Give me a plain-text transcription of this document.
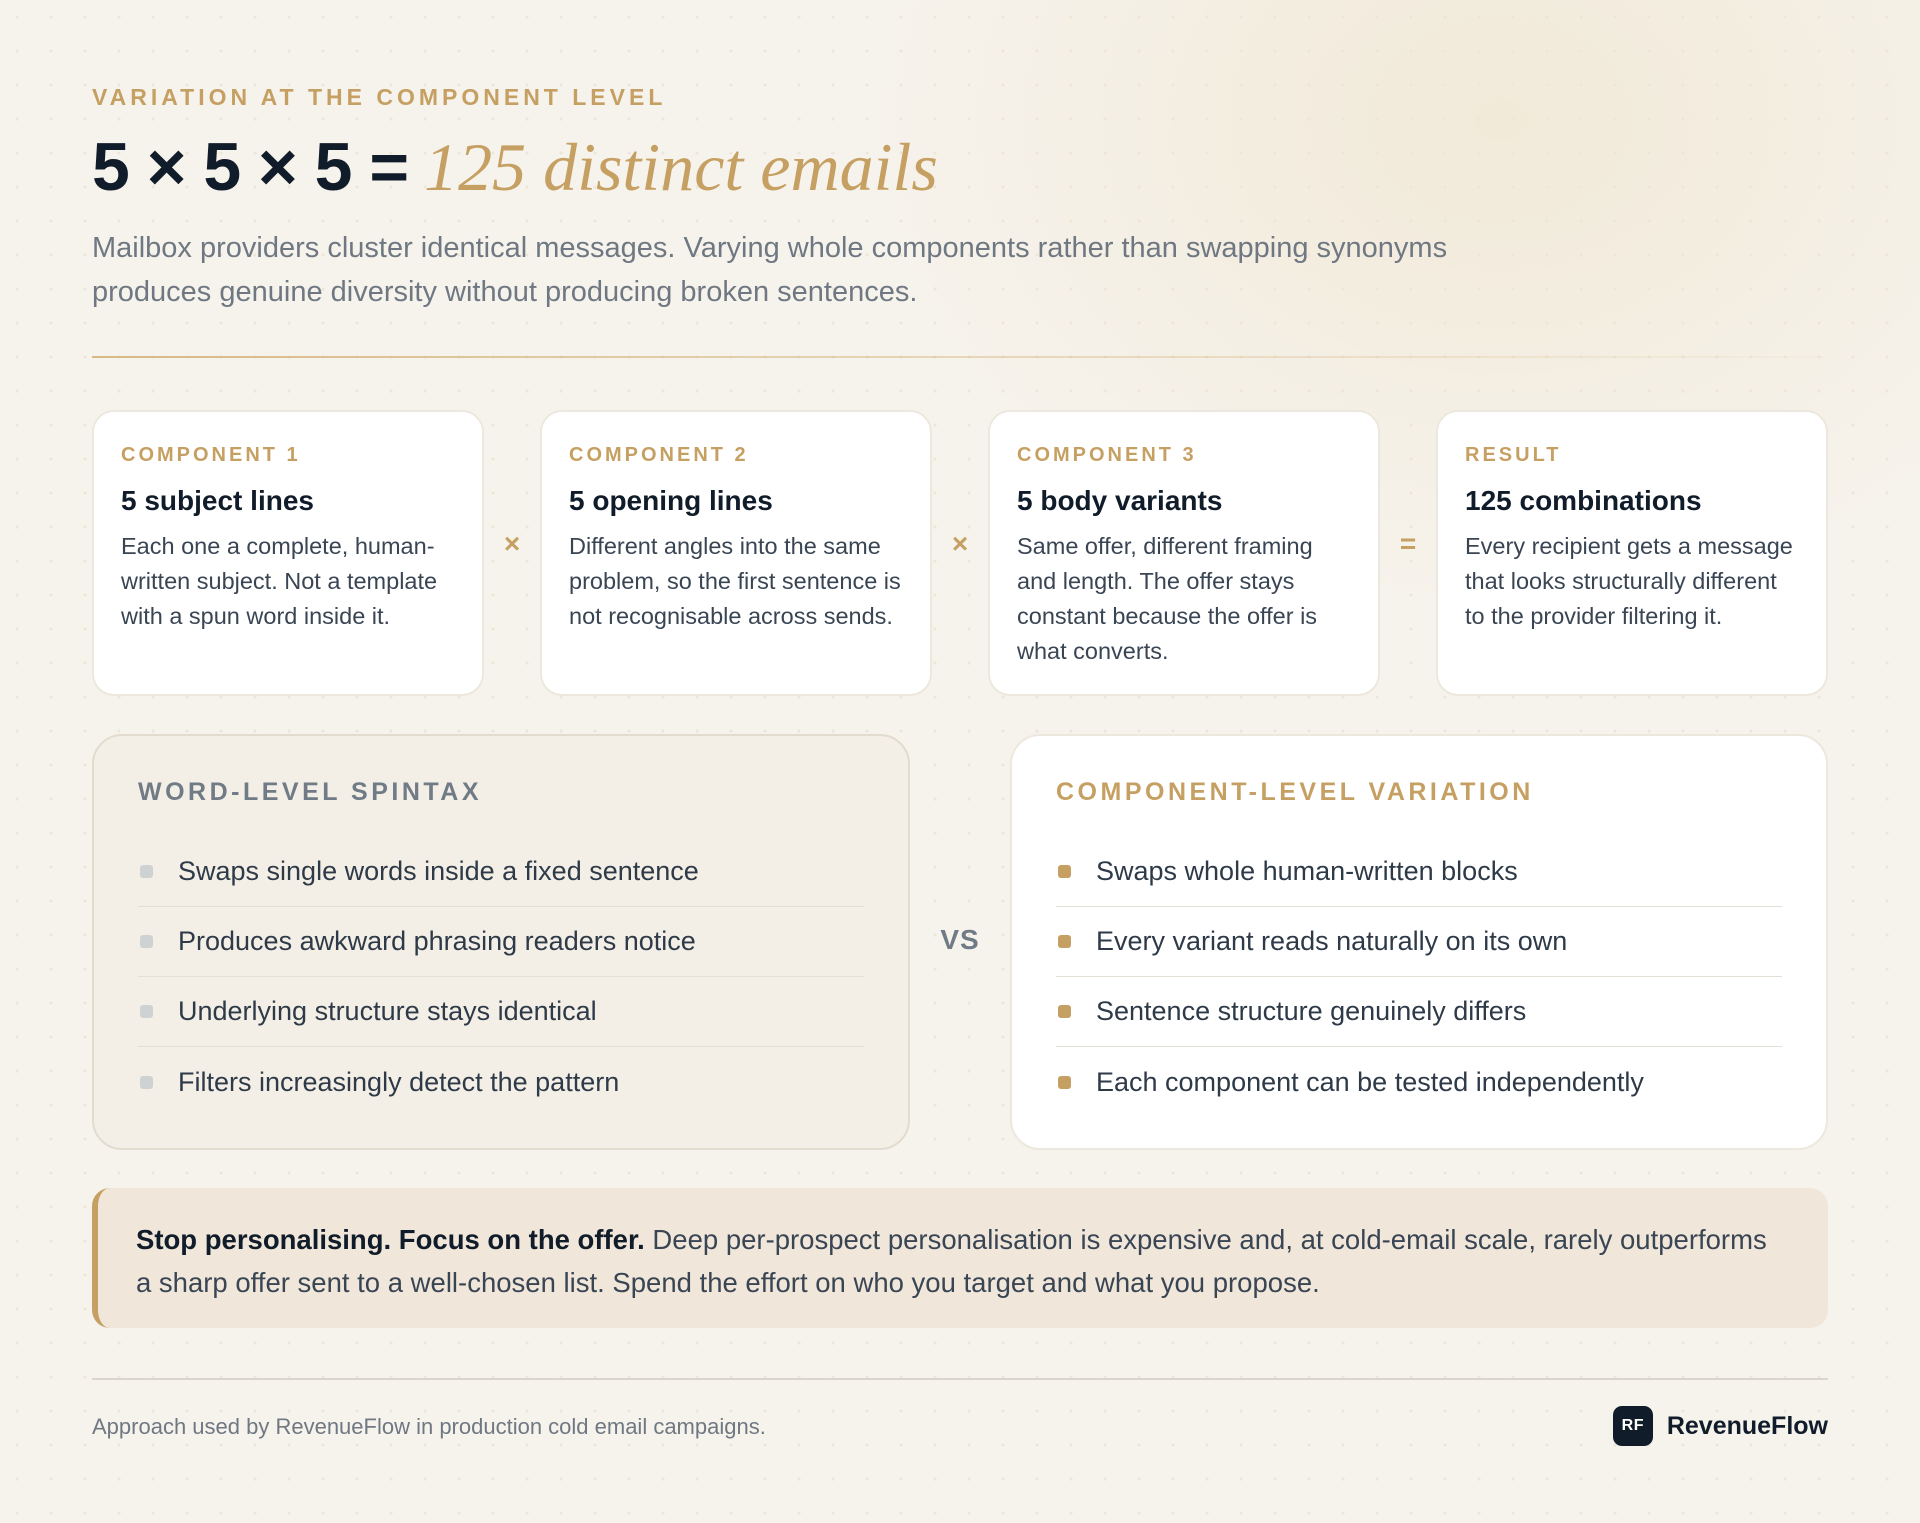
VARIATION AT THE COMPONENT LEVEL
5 × 5 × 5 = 125 distinct emails

Mailbox providers cluster identical messages. Varying whole components rather than swapping synonyms produces genuine diversity without producing broken sentences.

COMPONENT 1
5 subject lines
Each one a complete, human-written subject. Not a template with a spun word inside it.
×
COMPONENT 2
5 opening lines
Different angles into the same problem, so the first sentence is not recognisable across sends.
×
COMPONENT 3
5 body variants
Same offer, different framing and length. The offer stays constant because the offer is what converts.
=
RESULT
125 combinations
Every recipient gets a message that looks structurally different to the provider filtering it.
WORD-LEVEL SPINTAX
Swaps single words inside a fixed sentence
Produces awkward phrasing readers notice
Underlying structure stays identical
Filters increasingly detect the pattern
VS
COMPONENT-LEVEL VARIATION
Swaps whole human-written blocks
Every variant reads naturally on its own
Sentence structure genuinely differs
Each component can be tested independently
Stop personalising. Focus on the offer. Deep per-prospect personalisation is expensive and, at cold-email scale, rarely outperforms a sharp offer sent to a well-chosen list. Spend the effort on who you target and what you propose.
Approach used by RevenueFlow in production cold email campaigns.	RF RevenueFlow
